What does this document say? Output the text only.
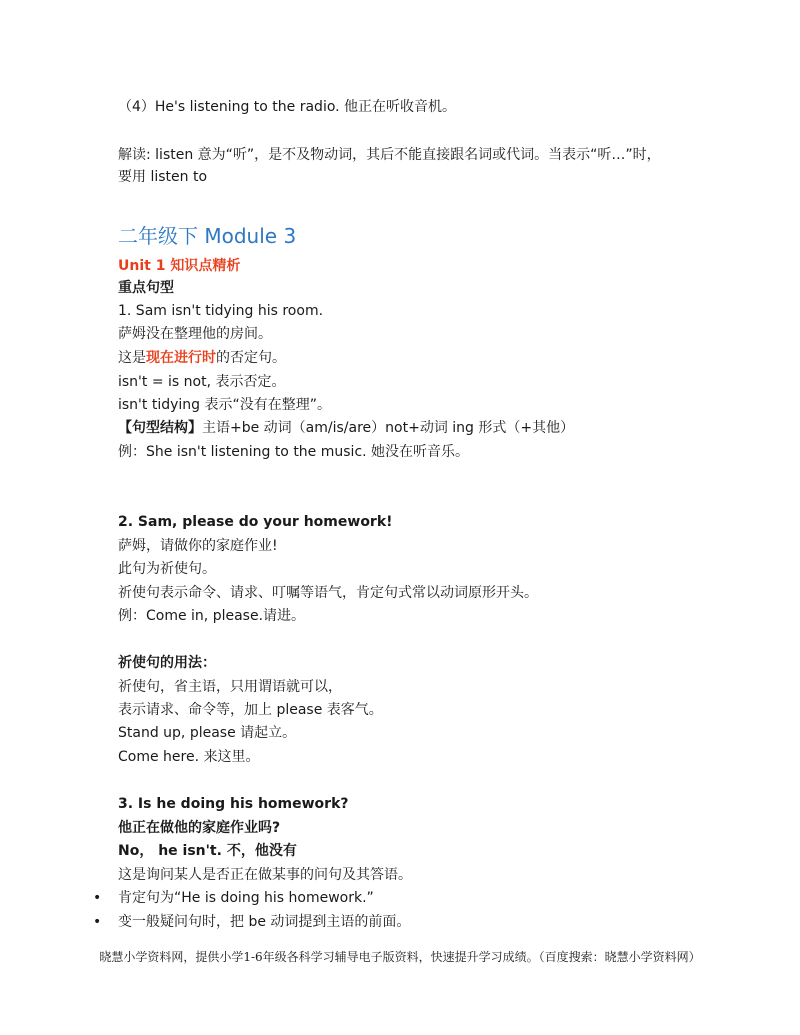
（4）He's listening to the radio. 他正在听收音机。
解读: listen 意为“听”，是不及物动词，其后不能直接跟名词或代词。当表示“听…”时，
要用 listen to
二年级下 Module 3
Unit 1 知识点精析
重点句型
1. Sam isn't tidying his room.
萨姆没在整理他的房间。
这是现在进行时的否定句。
isn't = is not, 表示否定。
isn't tidying 表示“没有在整理”。
【句型结构】主语+be 动词（am/is/are）not+动词 ing 形式（+其他）
例：She isn't listening to the music. 她没在听音乐。
2. Sam, please do your homework!
萨姆，请做你的家庭作业!
此句为祈使句。
祈使句表示命令、请求、叮嘱等语气，肯定句式常以动词原形开头。
例：Come in, please.请进。
祈使句的用法：
祈使句，省主语，只用谓语就可以，
表示请求、命令等，加上 please 表客气。
Stand up, please 请起立。
Come here. 来这里。
3. Is he doing his homework?
他正在做他的家庭作业吗?
No， he isn't. 不，他没有
这是询问某人是否正在做某事的问句及其答语。
• 肯定句为“He is doing his homework.”
• 变一般疑问句时，把 be 动词提到主语的前面。
晓慧小学资料网，提供小学1-6年级各科学习辅导电子版资料，快速提升学习成绩。（百度搜索：晓慧小学资料网）
